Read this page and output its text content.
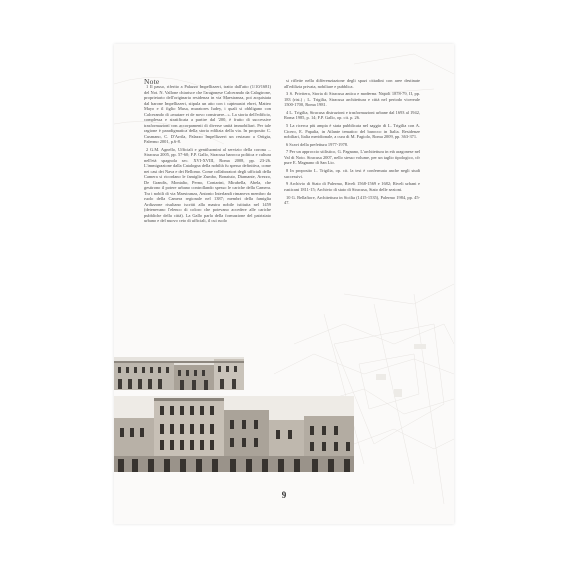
Note

1 Il passo, riferito a Palazzo Impellizzeri, tratto dall'atto (1/10/1681) del Not. N. Vallone chiarisce che l'aragonese Calcerando da Calagirone, proprietario dell'originaria residenza in via Maestranza, poi acquistata dal barone Impellizzeri, stipula un atto con i capimastri ebrei, Matteo Mayo e il figlio Musa, muratores Iudey, i quali si obbligano con Calcerando di «mutare et de novo construere...». La storia dell'edificio, complessa e stratificata a partire dal '200, è frutto di successive trasformazioni con accorpamenti di diverse unità immobiliari. Per tale ragione è paradigmatica della storia edilizia della via. In proposito C. Cusmano, C. D'Arrila, Palazzo Impellizzeri un restauro a Ortigia, Palermo 2001, p.6-8.

2 G.M. Agnello, Ufficiali e gentiluomini al servizio della corona ... Siracusa 2005, pp. 57-60; F.P. Gallo, Siracusa barocca politica e cultura nell'età spagnola sec. XVI-XVIII, Roma 2008, pp. 23-26. L'immigrazione dalla Catalogna della nobiltà fu spesso definitiva, come nei casi dei Nava e dei Bellomo. Come collaboratori degli ufficiali della Camera si ricordano le famiglie Zumbo, Bonaiuto, Diamante, Arezzo, De Grandis, Montalto, Perno, Contarini, Mirabella, Abela, che gestirono il potere urbano controllando spesso le cariche della Camera. Tra i nobili di via Maestranza, Antonio Interlandi rimaneva membro da ruolo della Camera regionale nel 1387; membri della famiglia Ardizzone risultano iscritti alla mastra nobile istituita nel 1459 (detenevano l'elenco di coloro che potevano accedere alle cariche pubbliche della città). La Gallo parla della formazione del patriziato urbano e del nuovo ceto di ufficiali, il cui ruolo

si riflette nella differenziazione degli spazi cittadini con aree destinate all'edilizia privata, nobiliare e pubblica.

3 S. Privitera, Storia di Siracusa antica e moderna. Napoli 1878-79, II, pp. 183 (rist.) ; L. Trigilia, Siracusa architettura e città nel periodo vicereale 1500-1700, Roma 1981.

4 L. Trigilia, Siracusa distruzioni e trasformazioni urbane dal 1693 al 1942, Roma 1985, p. 14; F.P. Gallo, op. cit. p. 26.

5 La ricerca più ampia è stata pubblicata nel saggio di L. Trigilia con A. Cicero, E. Papalia, in Atlante tematico del barocco in Italia. Residenze nobiliari, Italia meridionale, a cura di M. Fagiolo, Roma 2009, pp. 363-371.

6 Scavi della prefettura 1977-1978.

7 Per un approccio stilistico, G. Pagnano, L'architettura in età aragonese nel Val di Noto. Siracusa 2007, nello stesso volume, per un taglio tipologico, cfr pure E. Magnano di San Lio.

8 In proposito L. Trigilia, op. cit. la tesi è confermata anche negli studi successivi.

9 Archivio di Stato di Palermo, Riveli 1568-1569 e 1682; Riveli urbani e rusticani 1811-15; Archivio di stato di Siracusa, Stato delle sezioni.

10 G. Bellafiore, Architettura in Sicilia (1415-1535), Palermo 1984, pp. 45-47.

9
